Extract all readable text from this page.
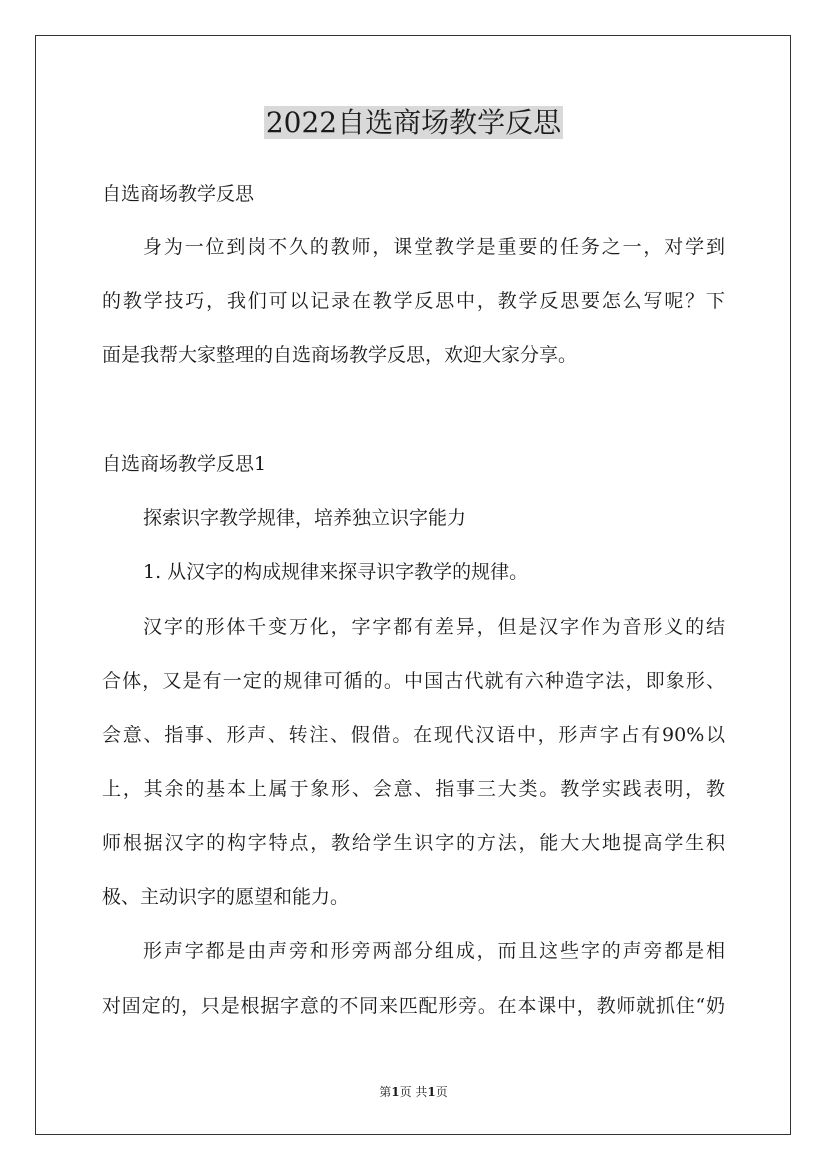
2022自选商场教学反思
自选商场教学反思
身为一位到岗不久的教师，课堂教学是重要的任务之一，对学到
的教学技巧，我们可以记录在教学反思中，教学反思要怎么写呢？下
面是我帮大家整理的自选商场教学反思，欢迎大家分享。
自选商场教学反思1
探索识字教学规律，培养独立识字能力
1. 从汉字的构成规律来探寻识字教学的规律。
汉字的形体千变万化，字字都有差异，但是汉字作为音形义的结
合体，又是有一定的规律可循的。中国古代就有六种造字法，即象形、
会意、指事、形声、转注、假借。在现代汉语中，形声字占有90%以
上，其余的基本上属于象形、会意、指事三大类。教学实践表明，教
师根据汉字的构字特点，教给学生识字的方法，能大大地提高学生积
极、主动识字的愿望和能力。
形声字都是由声旁和形旁两部分组成，而且这些字的声旁都是相
对固定的，只是根据字意的不同来匹配形旁。在本课中，教师就抓住“奶
第1页 共1页
